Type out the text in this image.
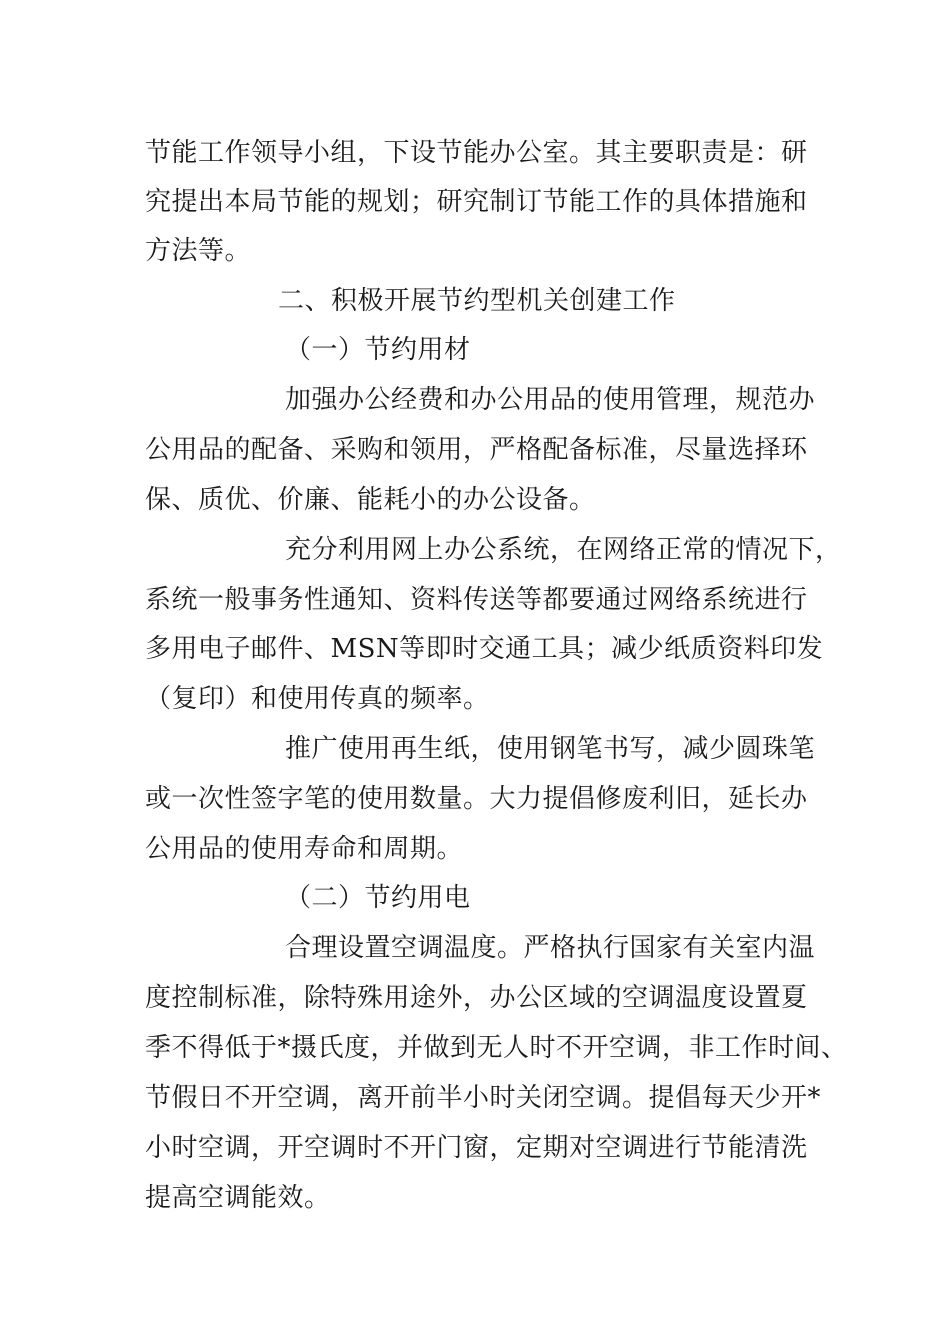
节能工作领导小组，下设节能办公室。其主要职责是：研
究提出本局节能的规划；研究制订节能工作的具体措施和
方法等。
二、积极开展节约型机关创建工作
（一）节约用材
加强办公经费和办公用品的使用管理，规范办
公用品的配备、采购和领用，严格配备标准，尽量选择环
保、质优、价廉、能耗小的办公设备。
充分利用网上办公系统，在网络正常的情况下，
系统一般事务性通知、资料传送等都要通过网络系统进行
多用电子邮件、MSN等即时交通工具；减少纸质资料印发
（复印）和使用传真的频率。
推广使用再生纸，使用钢笔书写，减少圆珠笔
或一次性签字笔的使用数量。大力提倡修废利旧，延长办
公用品的使用寿命和周期。
（二）节约用电
合理设置空调温度。严格执行国家有关室内温
度控制标准，除特殊用途外，办公区域的空调温度设置夏
季不得低于*摄氏度，并做到无人时不开空调，非工作时间、
节假日不开空调，离开前半小时关闭空调。提倡每天少开*
小时空调，开空调时不开门窗，定期对空调进行节能清洗
提高空调能效。
